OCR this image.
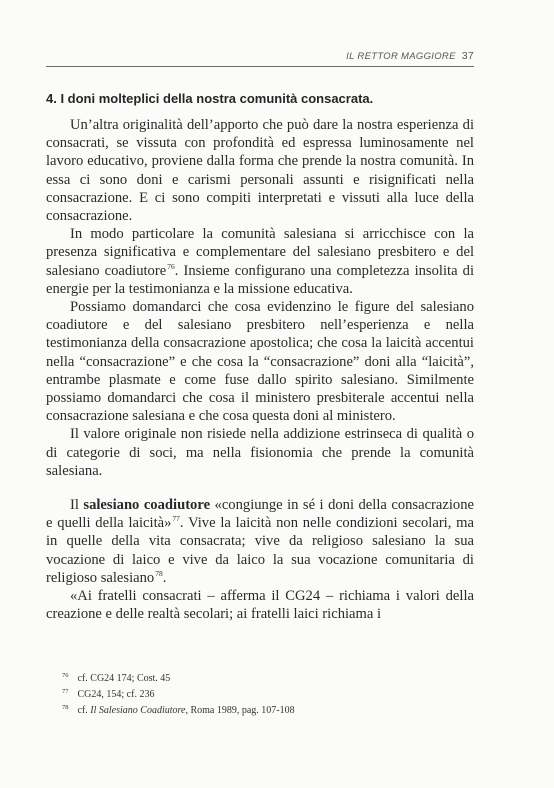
IL RETTOR MAGGIORE 37
4. I doni molteplici della nostra comunità consacrata.

Un’altra originalità dell’apporto che può dare la nostra esperienza di consacrati, se vissuta con profondità ed espressa luminosamente nel lavoro educativo, proviene dalla forma che prende la nostra comunità. In essa ci sono doni e carismi personali assunti e risignificati nella consacrazione. E ci sono compiti interpretati e vissuti alla luce della consacrazione.

In modo particolare la comunità salesiana si arricchisce con la presenza significativa e complementare del salesiano presbitero e del salesiano coadiutore$^{76}$. Insieme configurano una completezza insolita di energie per la testimonianza e la missione educativa.

Possiamo domandarci che cosa evidenzino le figure del salesiano coadiutore e del salesiano presbitero nell’esperienza e nella testimonianza della consacrazione apostolica; che cosa la laicità accentui nella “consacrazione” e che cosa la “consacrazione” doni alla “laicità”, entrambe plasmate e come fuse dallo spirito salesiano. Similmente possiamo domandarci che cosa il ministero presbiterale accentui nella consacrazione salesiana e che cosa questa doni al ministero.

Il valore originale non risiede nella addizione estrinseca di qualità o di categorie di soci, ma nella fisionomia che prende la comunità salesiana.

Il salesiano coadiutore «congiunge in sé i doni della consacrazione e quelli della laicità»$^{77}$. Vive la laicità non nelle condizioni secolari, ma in quelle della vita consacrata; vive da religioso salesiano la sua vocazione di laico e vive da laico la sua vocazione comunitaria di religioso salesiano$^{78}$.

«Ai fratelli consacrati – afferma il CG24 – richiama i valori della creazione e delle realtà secolari; ai fratelli laici richiama i

$^{76}$ cf. CG24 174; Cost. 45
$^{77}$ CG24, 154; cf. 236
$^{78}$ cf. Il Salesiano Coadiutore, Roma 1989, pag. 107-108
